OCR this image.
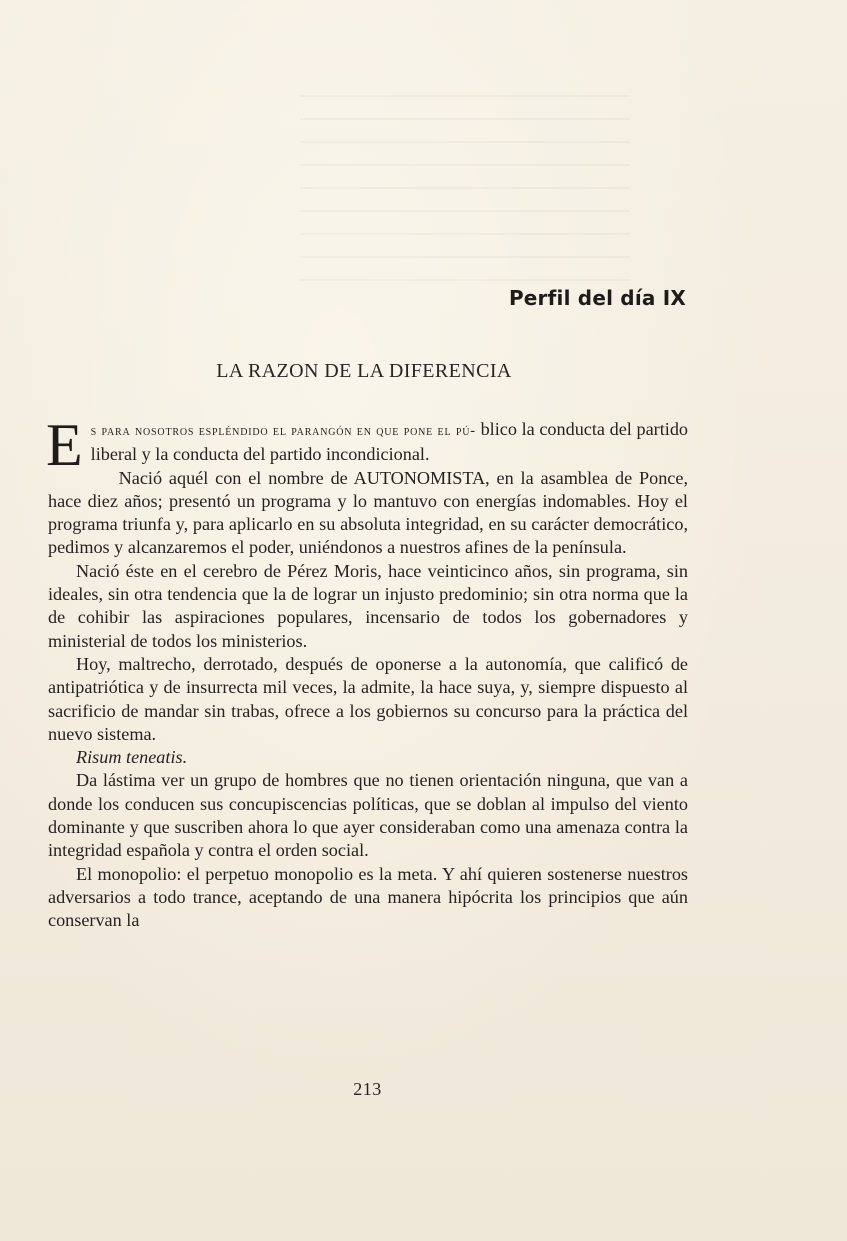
Perfil del día IX
LA RAZON DE LA DIFERENCIA

Es para nosotros espléndido el parangón en que pone el pú- blico la conducta del partido liberal y la conducta del partido incondicional.

Nació aquél con el nombre de AUTONOMISTA, en la asamblea de Ponce, hace diez años; presentó un programa y lo mantuvo con energías indomables. Hoy el programa triunfa y, para aplicarlo en su absoluta integridad, en su carácter democrático, pedimos y alcanzaremos el poder, uniéndonos a nuestros afines de la península.

Nació éste en el cerebro de Pérez Moris, hace veinticinco años, sin programa, sin ideales, sin otra tendencia que la de lograr un injusto predominio; sin otra norma que la de cohibir las aspiraciones populares, incensario de todos los gobernadores y ministerial de todos los ministerios.

Hoy, maltrecho, derrotado, después de oponerse a la autonomía, que calificó de antipatriótica y de insurrecta mil veces, la admite, la hace suya, y, siempre dispuesto al sacrificio de mandar sin trabas, ofrece a los gobiernos su concurso para la práctica del nuevo sistema.

Risum teneatis.

Da lástima ver un grupo de hombres que no tienen orientación ninguna, que van a donde los conducen sus concupiscencias políticas, que se doblan al impulso del viento dominante y que suscriben ahora lo que ayer consideraban como una amenaza contra la integridad española y contra el orden social.

El monopolio: el perpetuo monopolio es la meta. Y ahí quieren sostenerse nuestros adversarios a todo trance, aceptando de una manera hipócrita los principios que aún conservan la

213
